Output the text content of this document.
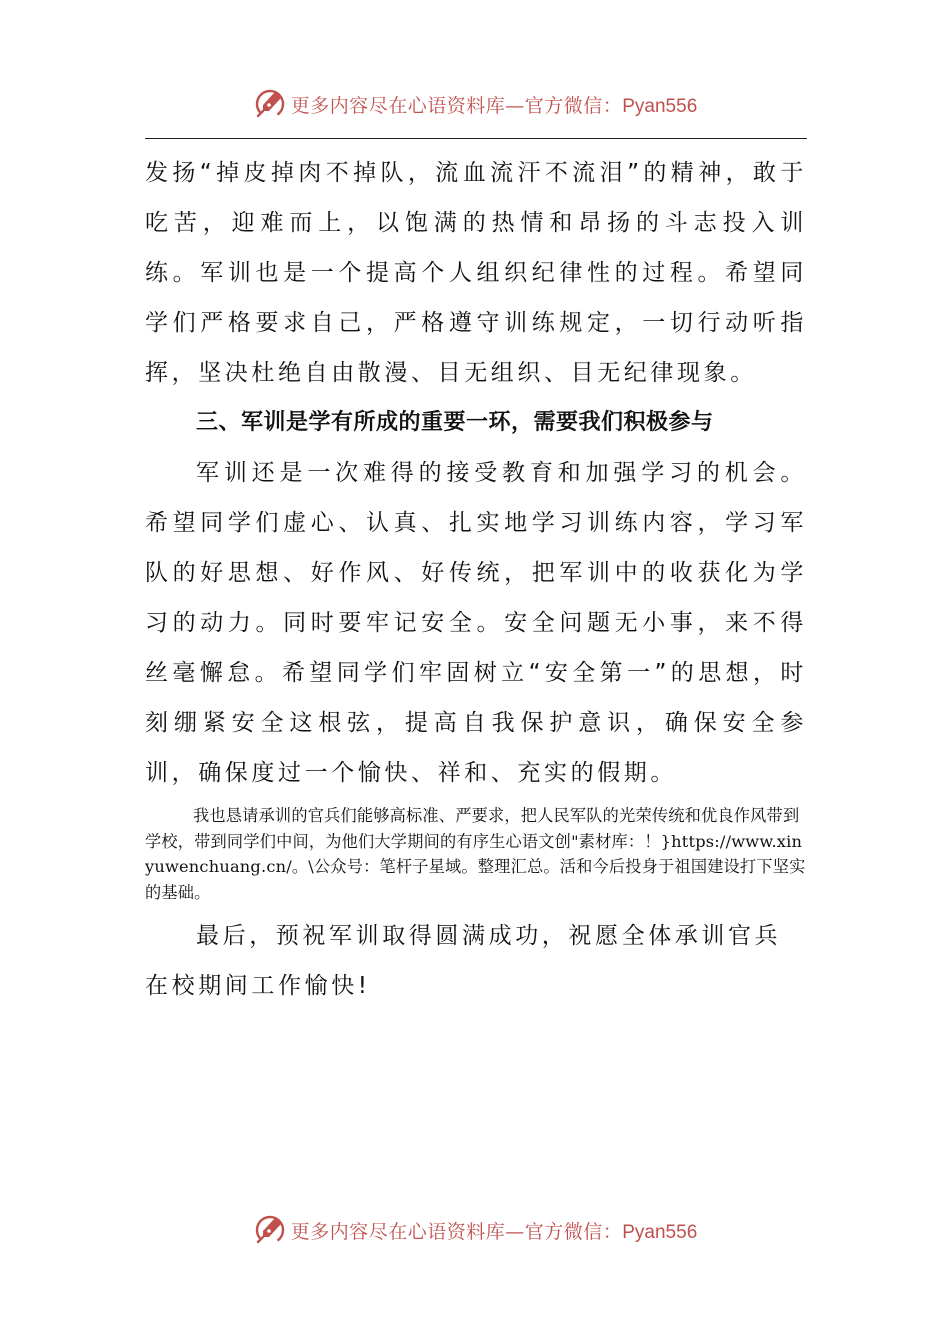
更多内容尽在心语资料库—官方微信：Pyan556

发扬“掉皮掉肉不掉队，流血流汗不流泪”的精神，敢于吃苦，迎难而上，以饱满的热情和昂扬的斗志投入训练。军训也是一个提高个人组织纪律性的过程。希望同学们严格要求自己，严格遵守训练规定，一切行动听指挥，坚决杜绝自由散漫、目无组织、目无纪律现象。

三、军训是学有所成的重要一环，需要我们积极参与

军训还是一次难得的接受教育和加强学习的机会。希望同学们虚心、认真、扎实地学习训练内容，学习军队的好思想、好作风、好传统，把军训中的收获化为学习的动力。同时要牢记安全。安全问题无小事，来不得丝毫懈怠。希望同学们牢固树立“安全第一”的思想，时刻绷紧安全这根弦，提高自我保护意识，确保安全参训，确保度过一个愉快、祥和、充实的假期。

我也恳请承训的官兵们能够高标准、严要求，把人民军队的光荣传统和优良作风带到学校，带到同学们中间，为他们大学期间的有序生心语文创"素材库：！}https://www.xinyuwenchuang.cn/。\公众号：笔杆子星域。整理汇总。活和今后投身于祖国建设打下坚实的基础。

最后，预祝军训取得圆满成功，祝愿全体承训官兵在校期间工作愉快!

更多内容尽在心语资料库—官方微信：Pyan556
